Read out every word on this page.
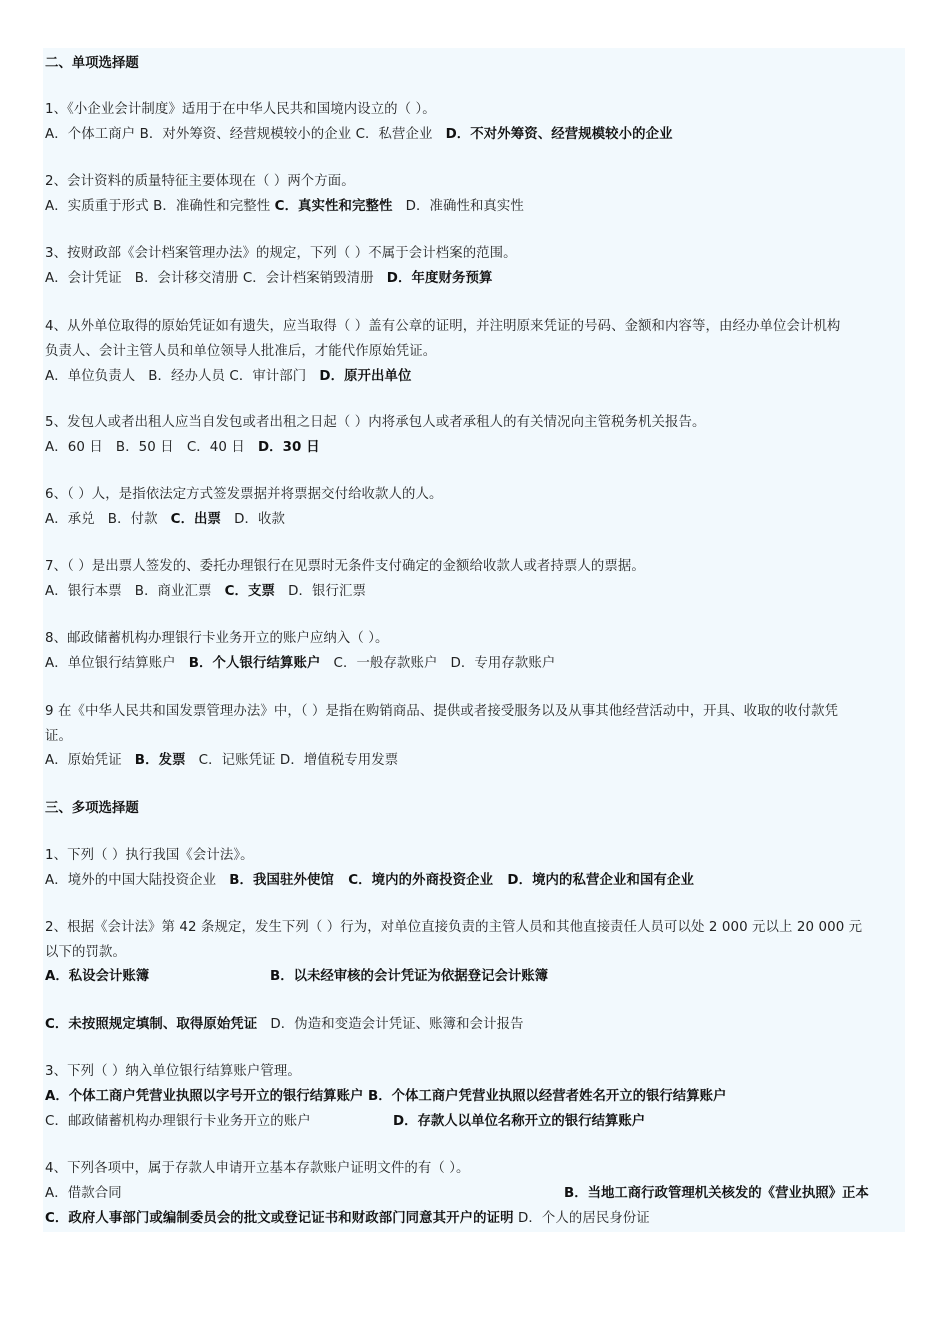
二、单项选择题
1、《小企业会计制度》适用于在中华人民共和国境内设立的（ ）。
A．个体工商户 B．对外筹资、经营规模较小的企业 C．私营企业   D．不对外筹资、经营规模较小的企业
2、会计资料的质量特征主要体现在（ ）两个方面。
A．实质重于形式 B．准确性和完整性 C．真实性和完整性   D．准确性和真实性
3、按财政部《会计档案管理办法》的规定，下列（ ）不属于会计档案的范围。
A．会计凭证   B．会计移交清册 C．会计档案销毁清册   D．年度财务预算
4、从外单位取得的原始凭证如有遗失，应当取得（ ）盖有公章的证明，并注明原来凭证的号码、金额和内容等，由经办单位会计机构
负责人、会计主管人员和单位领导人批准后，才能代作原始凭证。
A．单位负责人   B．经办人员 C．审计部门   D．原开出单位
5、发包人或者出租人应当自发包或者出租之日起（ ）内将承包人或者承租人的有关情况向主管税务机关报告。
A．60 日   B．50 日   C．40 日   D．30 日
6、（ ）人，是指依法定方式签发票据并将票据交付给收款人的人。
A．承兑   B．付款   C．出票   D．收款
7、（ ）是出票人签发的、委托办理银行在见票时无条件支付确定的金额给收款人或者持票人的票据。
A．银行本票   B．商业汇票   C．支票   D．银行汇票
8、邮政储蓄机构办理银行卡业务开立的账户应纳入（ ）。
A．单位银行结算账户   B．个人银行结算账户   C．一般存款账户   D．专用存款账户
9 在《中华人民共和国发票管理办法》中，（ ）是指在购销商品、提供或者接受服务以及从事其他经营活动中，开具、收取的收付款凭
证。
A．原始凭证   B．发票   C．记账凭证 D．增值税专用发票
三、多项选择题
1、下列（ ）执行我国《会计法》。
A．境外的中国大陆投资企业   B．我国驻外使馆   C．境内的外商投资企业   D．境内的私营企业和国有企业
2、根据《会计法》第 42 条规定，发生下列（ ）行为，对单位直接负责的主管人员和其他直接责任人员可以处 2 000 元以上 20 000 元
以下的罚款。
A．私设会计账簿	B．以未经审核的会计凭证为依据登记会计账簿
C．未按照规定填制、取得原始凭证   D．伪造和变造会计凭证、账簿和会计报告
3、下列（ ）纳入单位银行结算账户管理。
A．个体工商户凭营业执照以字号开立的银行结算账户 B．个体工商户凭营业执照以经营者姓名开立的银行结算账户
C．邮政储蓄机构办理银行卡业务开立的账户	D．存款人以单位名称开立的银行结算账户
4、下列各项中，属于存款人申请开立基本存款账户证明文件的有（ ）。
A．借款合同	B．当地工商行政管理机关核发的《营业执照》正本
C．政府人事部门或编制委员会的批文或登记证书和财政部门同意其开户的证明 D．个人的居民身份证
